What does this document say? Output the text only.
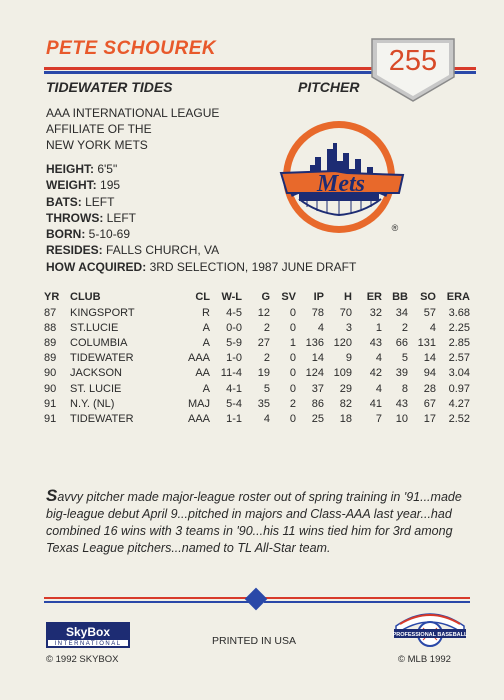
PETE SCHOUREK	255
TIDEWATER TIDES	PITCHER
AAA INTERNATIONAL LEAGUE
AFFILIATE OF THE
NEW YORK METS
HEIGHT: 6'5"
WEIGHT: 195
BATS: LEFT
THROWS: LEFT
BORN: 5-10-69
RESIDES: FALLS CHURCH, VA
HOW ACQUIRED: 3RD SELECTION, 1987 JUNE DRAFT
Mets
®
YR	CLUB	CL	W-L	G	SV	IP	H	ER	BB	SO	ERA
87	KINGSPORT	R	4-5	12	0	78	70	32	34	57	3.68
88	ST.LUCIE	A	0-0	2	0	4	3	1	2	4	2.25
89	COLUMBIA	A	5-9	27	1	136	120	43	66	131	2.85
89	TIDEWATER	AAA	1-0	2	0	14	9	4	5	14	2.57
90	JACKSON	AA	11-4	19	0	124	109	42	39	94	3.04
90	ST. LUCIE	A	4-1	5	0	37	29	4	8	28	0.97
91	N.Y. (NL)	MAJ	5-4	35	2	86	82	41	43	67	4.27
91	TIDEWATER	AAA	1-1	4	0	25	18	7	10	17	2.52
Savvy pitcher made major-league roster out of spring training in '91...made big-league debut April 9...pitched in majors and Class-AAA last year...had combined 16 wins with 3 teams in '90...his 11 wins tied him for 3rd among Texas League pitchers...named to TL All-Star team.
SkyBox
INTERNATIONAL
© 1992 SKYBOX
PRINTED IN USA	PROFESSIONAL BASEBALL
© MLB 1992
